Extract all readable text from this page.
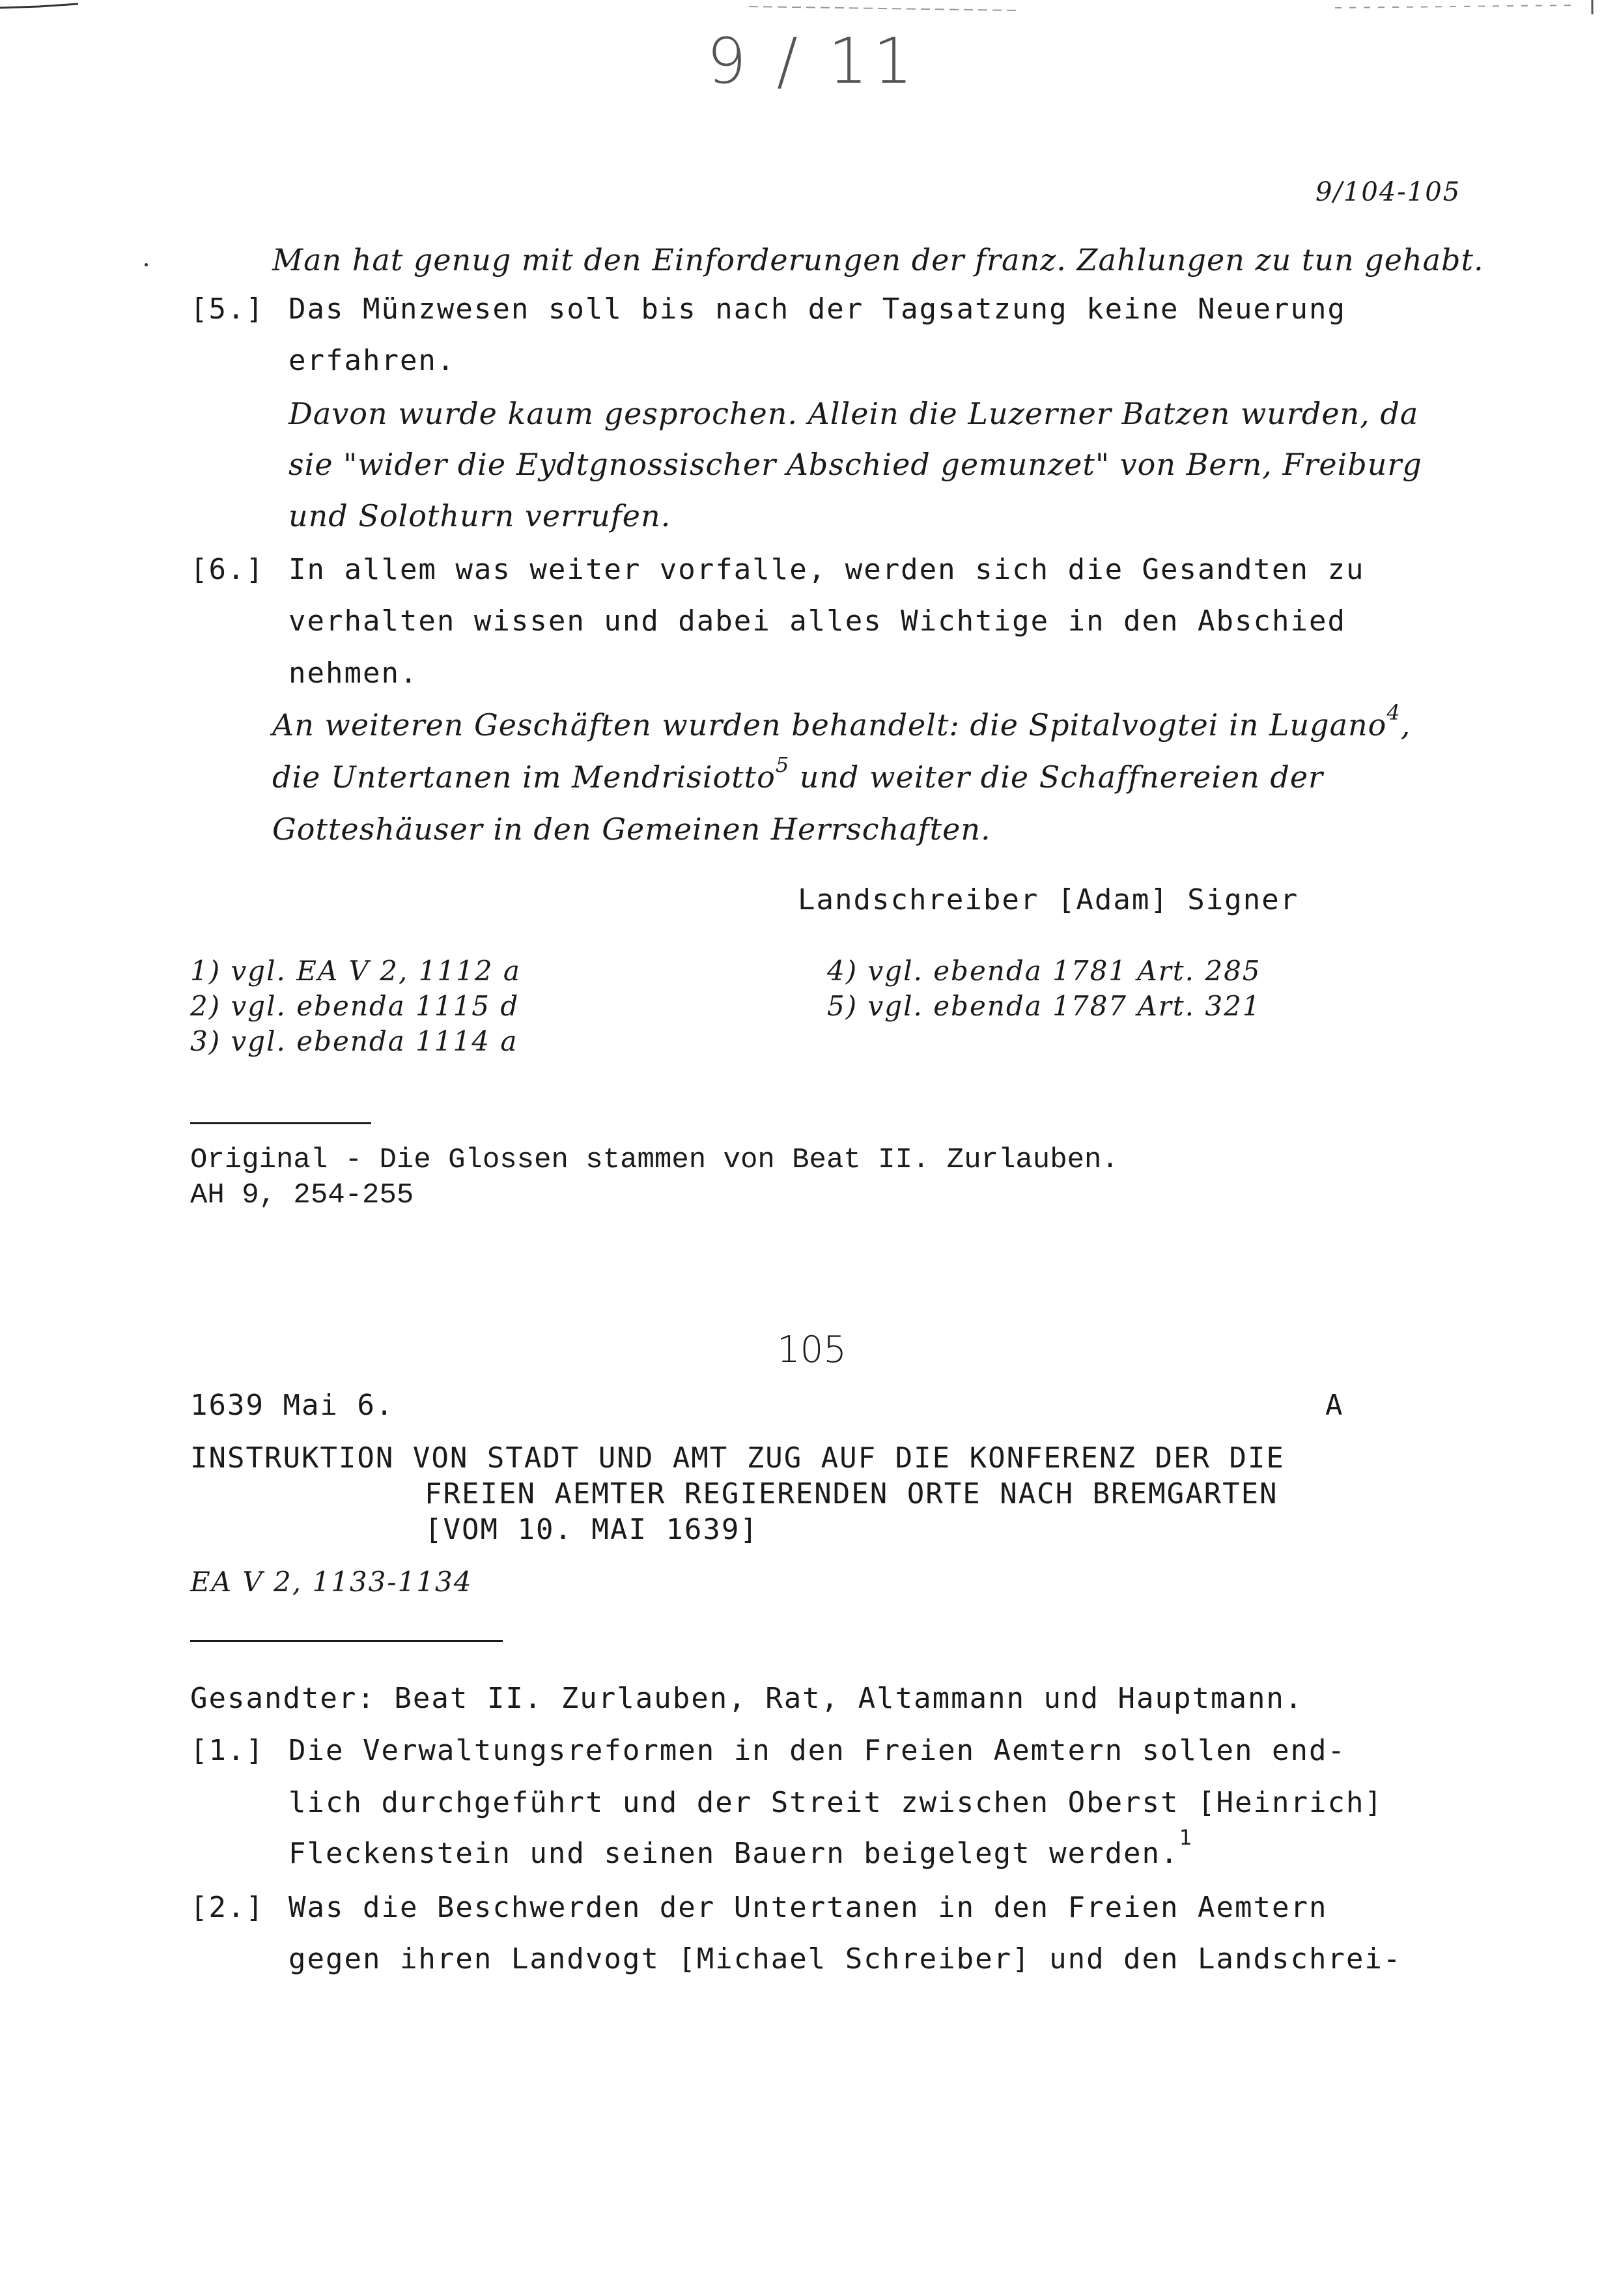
9 / 11
9/104-105
Man hat genug mit den Einforderungen der franz. Zahlungen zu tun gehabt.
[5.] Das Münzwesen soll bis nach der Tagsatzung keine Neuerung
erfahren.
Davon wurde kaum gesprochen. Allein die Luzerner Batzen wurden, da
sie "wider die Eydtgnossischer Abschied gemunzet" von Bern, Freiburg
und Solothurn verrufen.
[6.] In allem was weiter vorfalle, werden sich die Gesandten zu
verhalten wissen und dabei alles Wichtige in den Abschied
nehmen.
An weiteren Geschäften wurden behandelt: die Spitalvogtei in Lugano$^4$,
die Untertanen im Mendrisiotto$^5$ und weiter die Schaffnereien der
Gotteshäuser in den Gemeinen Herrschaften.
Landschreiber [Adam] Signer
1) vgl. EA V 2, 1112 a
2) vgl. ebenda 1115 d
3) vgl. ebenda 1114 a
4) vgl. ebenda 1781 Art. 285
5) vgl. ebenda 1787 Art. 321
Original - Die Glossen stammen von Beat II. Zurlauben.
AH 9, 254-255
105
1639 Mai 6.	A
INSTRUKTION VON STADT UND AMT ZUG AUF DIE KONFERENZ DER DIE
FREIEN AEMTER REGIERENDEN ORTE NACH BREMGARTEN
[VOM 10. MAI 1639]
EA V 2, 1133-1134
Gesandter: Beat II. Zurlauben, Rat, Altammann und Hauptmann.
[1.] Die Verwaltungsreformen in den Freien Aemtern sollen end-
lich durchgeführt und der Streit zwischen Oberst [Heinrich]
Fleckenstein und seinen Bauern beigelegt werden.$^1$
[2.] Was die Beschwerden der Untertanen in den Freien Aemtern
gegen ihren Landvogt [Michael Schreiber] und den Landschrei-
